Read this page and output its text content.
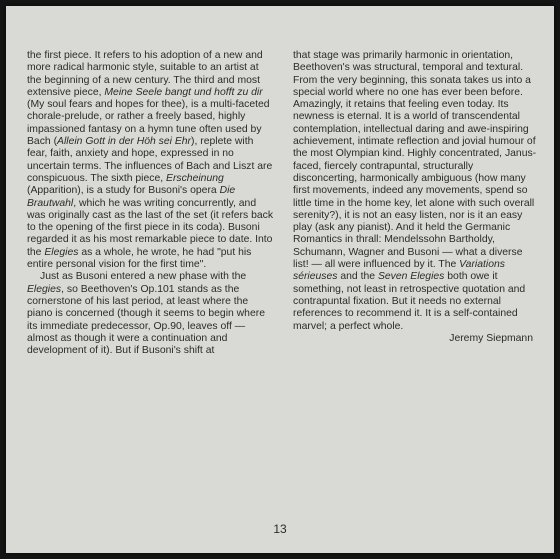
the first piece. It refers to his adoption of a new and more radical harmonic style, suitable to an artist at the beginning of a new century. The third and most extensive piece, Meine Seele bangt und hofft zu dir (My soul fears and hopes for thee), is a multi-faceted chorale-prelude, or rather a freely based, highly impassioned fantasy on a hymn tune often used by Bach (Allein Gott in der Höh sei Ehr), replete with fear, faith, anxiety and hope, expressed in no uncertain terms. The influences of Bach and Liszt are conspicuous. The sixth piece, Erscheinung (Apparition), is a study for Busoni's opera Die Brautwahl, which he was writing concurrently, and was originally cast as the last of the set (it refers back to the opening of the first piece in its coda). Busoni regarded it as his most remarkable piece to date. Into the Elegies as a whole, he wrote, he had "put his entire personal vision for the first time".

Just as Busoni entered a new phase with the Elegies, so Beethoven's Op.101 stands as the cornerstone of his last period, at least where the piano is concerned (though it seems to begin where its immediate predecessor, Op.90, leaves off — almost as though it were a continuation and development of it). But if Busoni's shift at

that stage was primarily harmonic in orientation, Beethoven's was structural, temporal and textural. From the very beginning, this sonata takes us into a special world where no one has ever been before. Amazingly, it retains that feeling even today. Its newness is eternal. It is a world of transcendental contemplation, intellectual daring and awe-inspiring achievement, intimate reflection and jovial humour of the most Olympian kind. Highly concentrated, Janus-faced, fiercely contrapuntal, structurally disconcerting, harmonically ambiguous (how many first movements, indeed any movements, spend so little time in the home key, let alone with such overall serenity?), it is not an easy listen, nor is it an easy play (ask any pianist). And it held the Germanic Romantics in thrall: Mendelssohn Bartholdy, Schumann, Wagner and Busoni — what a diverse list! — all were influenced by it. The Variations sérieuses and the Seven Elegies both owe it something, not least in retrospective quotation and contrapuntal fixation. But it needs no external references to recommend it. It is a self-contained marvel; a perfect whole.

Jeremy Siepmann

13
